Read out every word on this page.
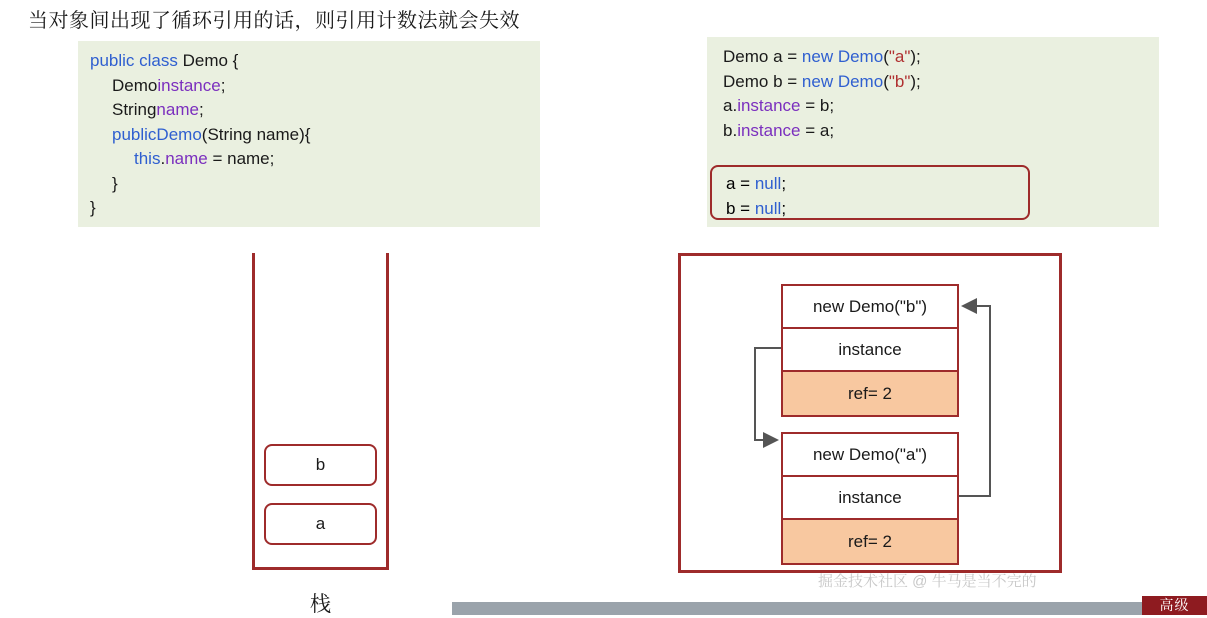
当对象间出现了循环引用的话，则引用计数法就会失效
public class Demo {
Demoinstance;
Stringname;
publicDemo(String name){
this.name = name;
}
}
Demo a = new Demo("a");
Demo b = new Demo("b");
a.instance = b;
b.instance = a;
a = null;
b = null;
b
a
栈
new Demo("b")
instance
ref= 2
new Demo("a")
instance
ref= 2
掘金技术社区 @ 牛马是当不完的
高级
